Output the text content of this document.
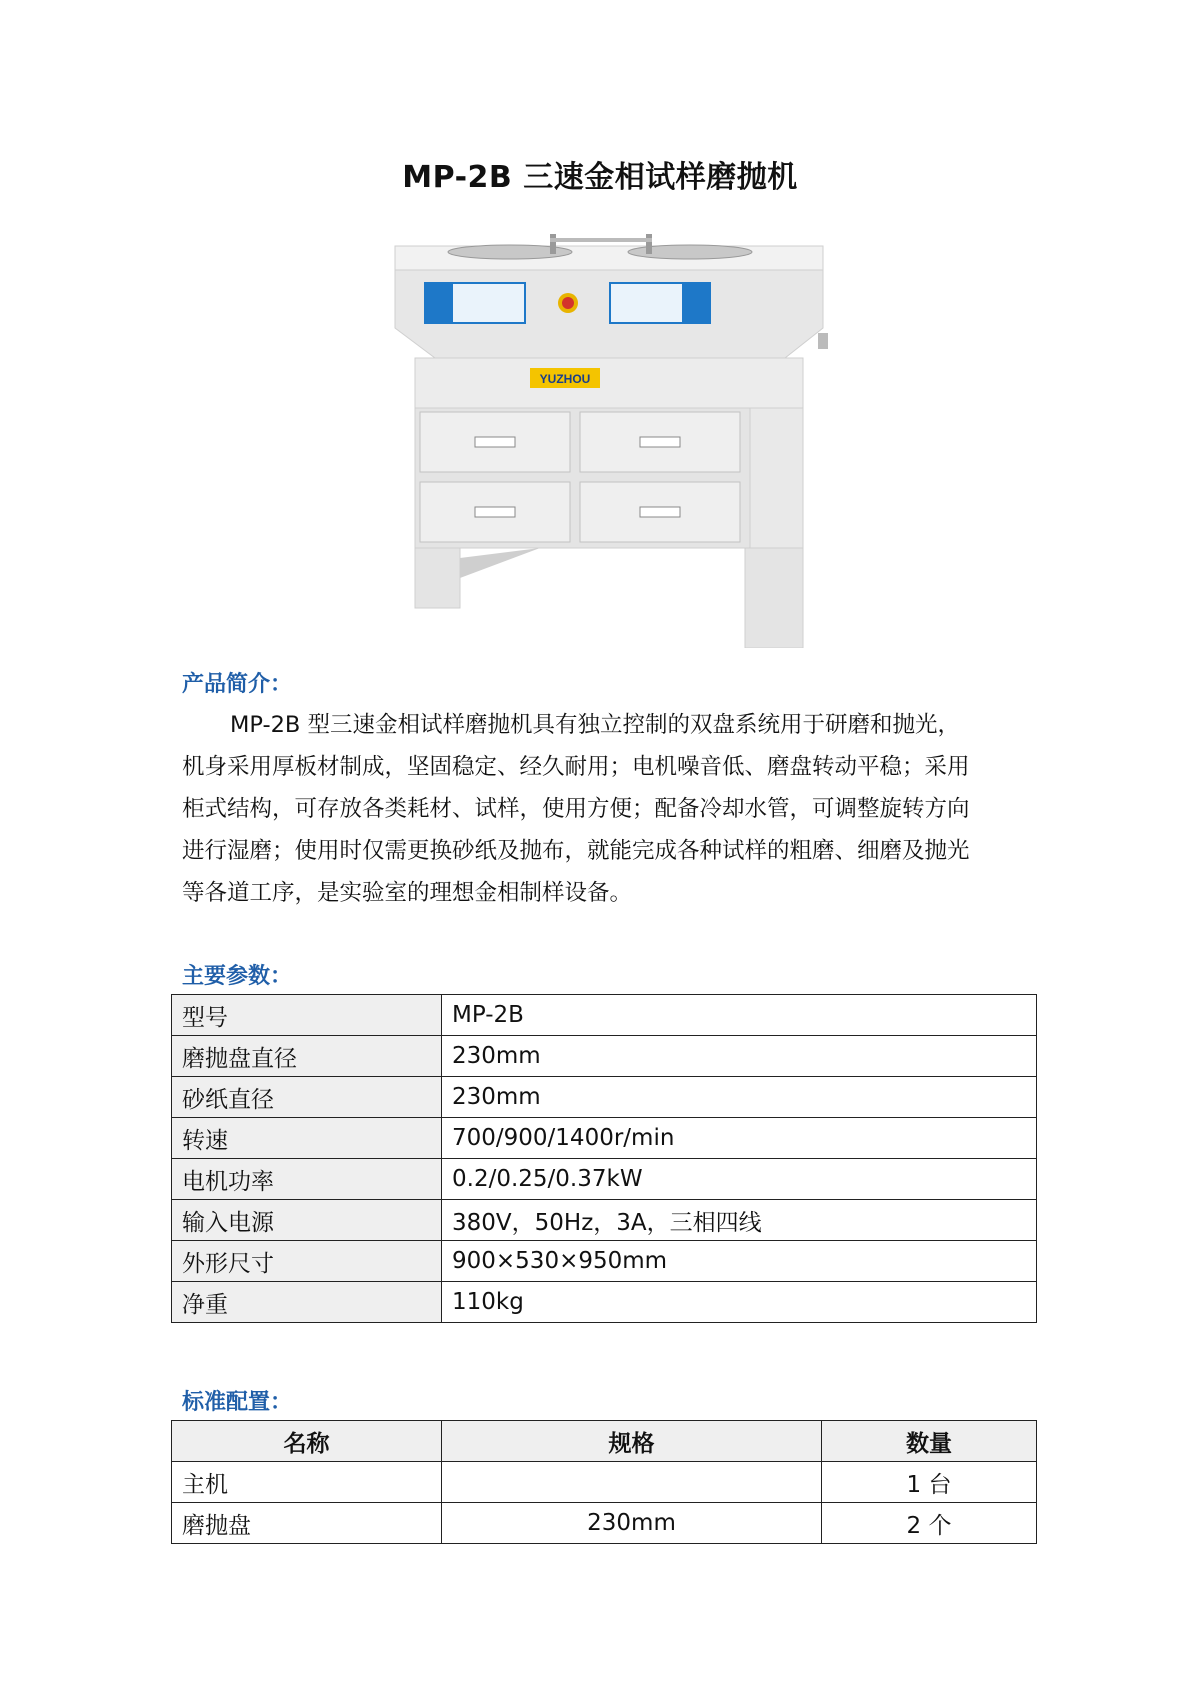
MP-2B 三速金相试样磨抛机
YUZHOU
产品简介：

MP-2B 型三速金相试样磨抛机具有独立控制的双盘系统用于研磨和抛光，
机身采用厚板材制成，坚固稳定、经久耐用；电机噪音低、磨盘转动平稳；采用
柜式结构，可存放各类耗材、试样，使用方便；配备冷却水管，可调整旋转方向
进行湿磨；使用时仅需更换砂纸及抛布，就能完成各种试样的粗磨、细磨及抛光
等各道工序，是实验室的理想金相制样设备。

主要参数：
型号	MP-2B
磨抛盘直径	230mm
砂纸直径	230mm
转速	700/900/1400r/min
电机功率	0.2/0.25/0.37kW
输入电源	380V，50Hz，3A，三相四线
外形尺寸	900×530×950mm
净重	110kg
标准配置：
名称	规格	数量
主机		1 台
磨抛盘	230mm	2 个
